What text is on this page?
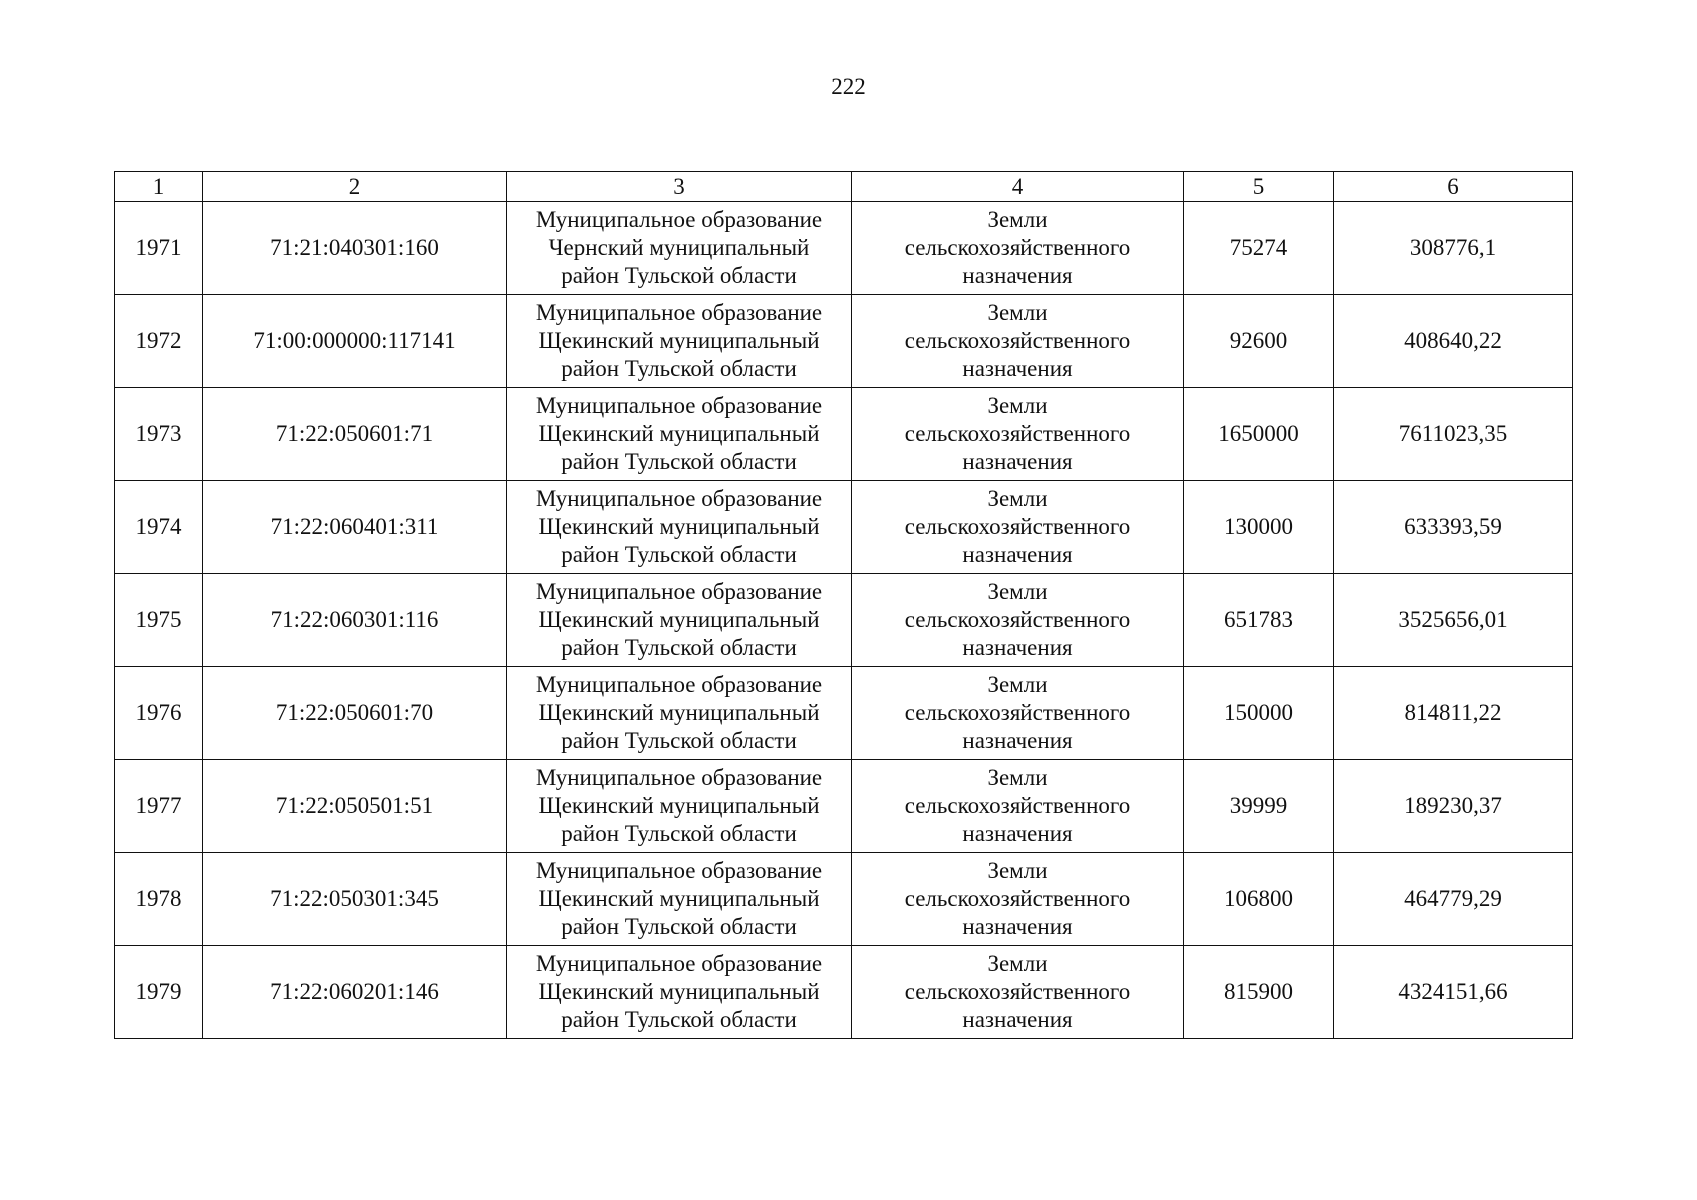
222
1	2	3	4	5	6
1971	71:21:040301:160	Муниципальное образование
Чернский муниципальный
район Тульской области	Земли
сельскохозяйственного
назначения	75274	308776,1
1972	71:00:000000:117141	Муниципальное образование
Щекинский муниципальный
район Тульской области	Земли
сельскохозяйственного
назначения	92600	408640,22
1973	71:22:050601:71	Муниципальное образование
Щекинский муниципальный
район Тульской области	Земли
сельскохозяйственного
назначения	1650000	7611023,35
1974	71:22:060401:311	Муниципальное образование
Щекинский муниципальный
район Тульской области	Земли
сельскохозяйственного
назначения	130000	633393,59
1975	71:22:060301:116	Муниципальное образование
Щекинский муниципальный
район Тульской области	Земли
сельскохозяйственного
назначения	651783	3525656,01
1976	71:22:050601:70	Муниципальное образование
Щекинский муниципальный
район Тульской области	Земли
сельскохозяйственного
назначения	150000	814811,22
1977	71:22:050501:51	Муниципальное образование
Щекинский муниципальный
район Тульской области	Земли
сельскохозяйственного
назначения	39999	189230,37
1978	71:22:050301:345	Муниципальное образование
Щекинский муниципальный
район Тульской области	Земли
сельскохозяйственного
назначения	106800	464779,29
1979	71:22:060201:146	Муниципальное образование
Щекинский муниципальный
район Тульской области	Земли
сельскохозяйственного
назначения	815900	4324151,66
